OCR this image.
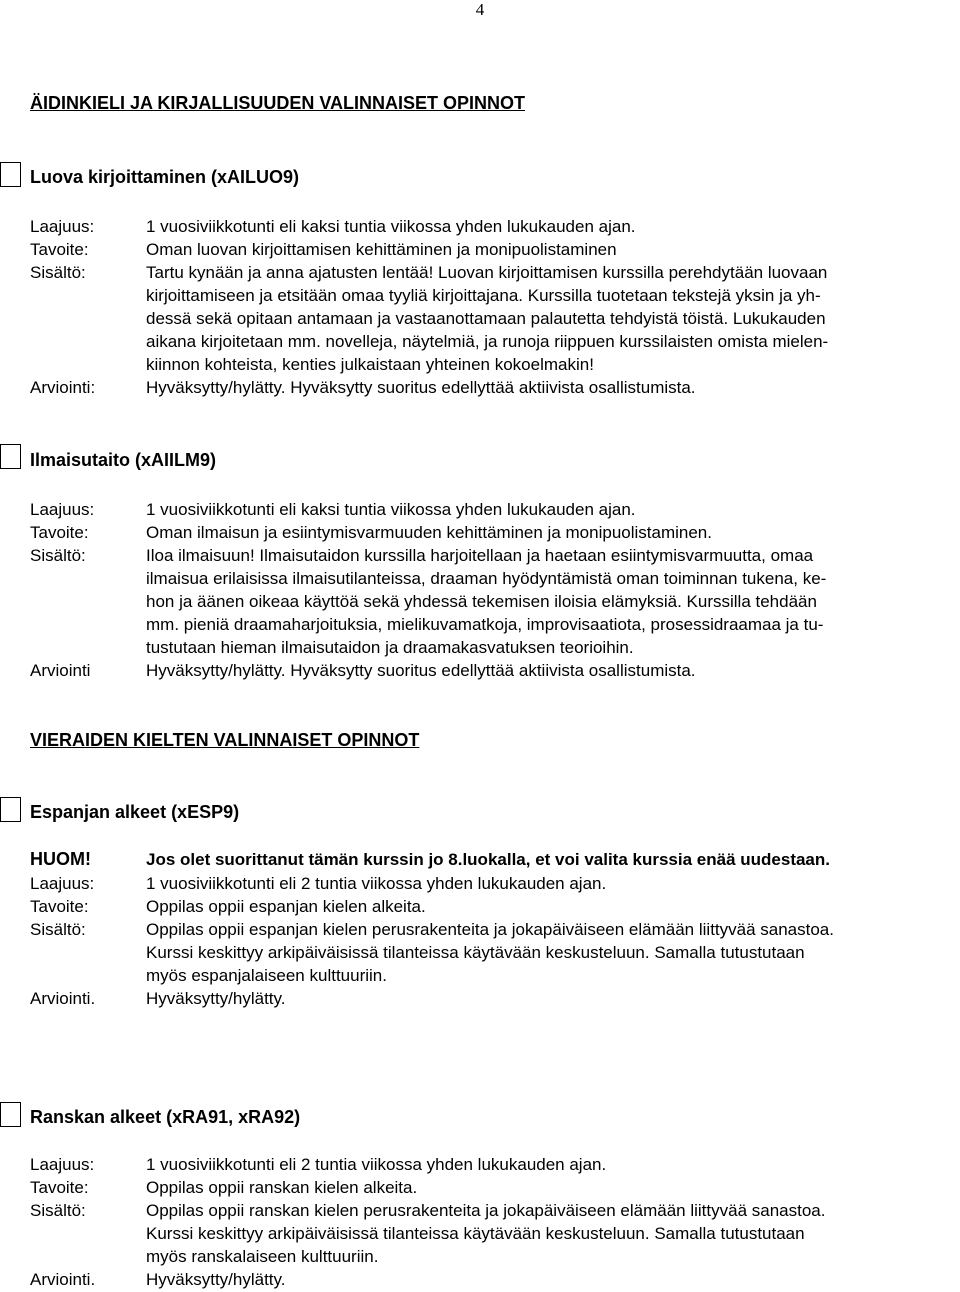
4
ÄIDINKIELI JA KIRJALLISUUDEN VALINNAISET OPINNOT
Luova kirjoittaminen (xAILUO9)
Laajuus:	1 vuosiviikkotunti eli kaksi tuntia viikossa yhden lukukauden ajan.
Tavoite:	Oman luovan kirjoittamisen kehittäminen ja monipuolistaminen
Sisältö:	Tartu kynään ja anna ajatusten lentää! Luovan kirjoittamisen kurssilla perehdytään luovaan
kirjoittamiseen ja etsitään omaa tyyliä kirjoittajana. Kurssilla tuotetaan tekstejä yksin ja yh-
dessä sekä opitaan antamaan ja vastaanottamaan palautetta tehdyistä töistä. Lukukauden
aikana kirjoitetaan mm. novelleja, näytelmiä, ja runoja riippuen kurssilaisten omista mielen-
kiinnon kohteista, kenties julkaistaan yhteinen kokoelmakin!
Arviointi:	Hyväksytty/hylätty. Hyväksytty suoritus edellyttää aktiivista osallistumista.
Ilmaisutaito (xAIILM9)
Laajuus:	1 vuosiviikkotunti eli kaksi tuntia viikossa yhden lukukauden ajan.
Tavoite:	Oman ilmaisun ja esiintymisvarmuuden kehittäminen ja monipuolistaminen.
Sisältö:	Iloa ilmaisuun! Ilmaisutaidon kurssilla harjoitellaan ja haetaan esiintymisvarmuutta, omaa
ilmaisua erilaisissa ilmaisutilanteissa, draaman hyödyntämistä oman toiminnan tukena, ke-
hon ja äänen oikeaa käyttöä sekä yhdessä tekemisen iloisia elämyksiä. Kurssilla tehdään
mm. pieniä draamaharjoituksia, mielikuvamatkoja, improvisaatiota, prosessidraamaa ja tu-
tustutaan hieman ilmaisutaidon ja draamakasvatuksen teorioihin.
Arviointi	Hyväksytty/hylätty. Hyväksytty suoritus edellyttää aktiivista osallistumista.
VIERAIDEN KIELTEN VALINNAISET OPINNOT
Espanjan alkeet (xESP9)
HUOM!	Jos olet suorittanut tämän kurssin jo 8.luokalla, et voi valita kurssia enää uudestaan.
Laajuus:	1 vuosiviikkotunti eli 2 tuntia viikossa yhden lukukauden ajan.
Tavoite:	Oppilas oppii espanjan kielen alkeita.
Sisältö:	Oppilas oppii espanjan kielen perusrakenteita ja jokapäiväiseen elämään liittyvää sanastoa.
Kurssi keskittyy arkipäiväisissä tilanteissa käytävään keskusteluun. Samalla tutustutaan
myös espanjalaiseen kulttuuriin.
Arviointi.	Hyväksytty/hylätty.
Ranskan alkeet (xRA91, xRA92)
Laajuus:	1 vuosiviikkotunti eli 2 tuntia viikossa yhden lukukauden ajan.
Tavoite:	Oppilas oppii ranskan kielen alkeita.
Sisältö:	Oppilas oppii ranskan kielen perusrakenteita ja jokapäiväiseen elämään liittyvää sanastoa.
Kurssi keskittyy arkipäiväisissä tilanteissa käytävään keskusteluun. Samalla tutustutaan
myös ranskalaiseen kulttuuriin.
Arviointi.	Hyväksytty/hylätty.
